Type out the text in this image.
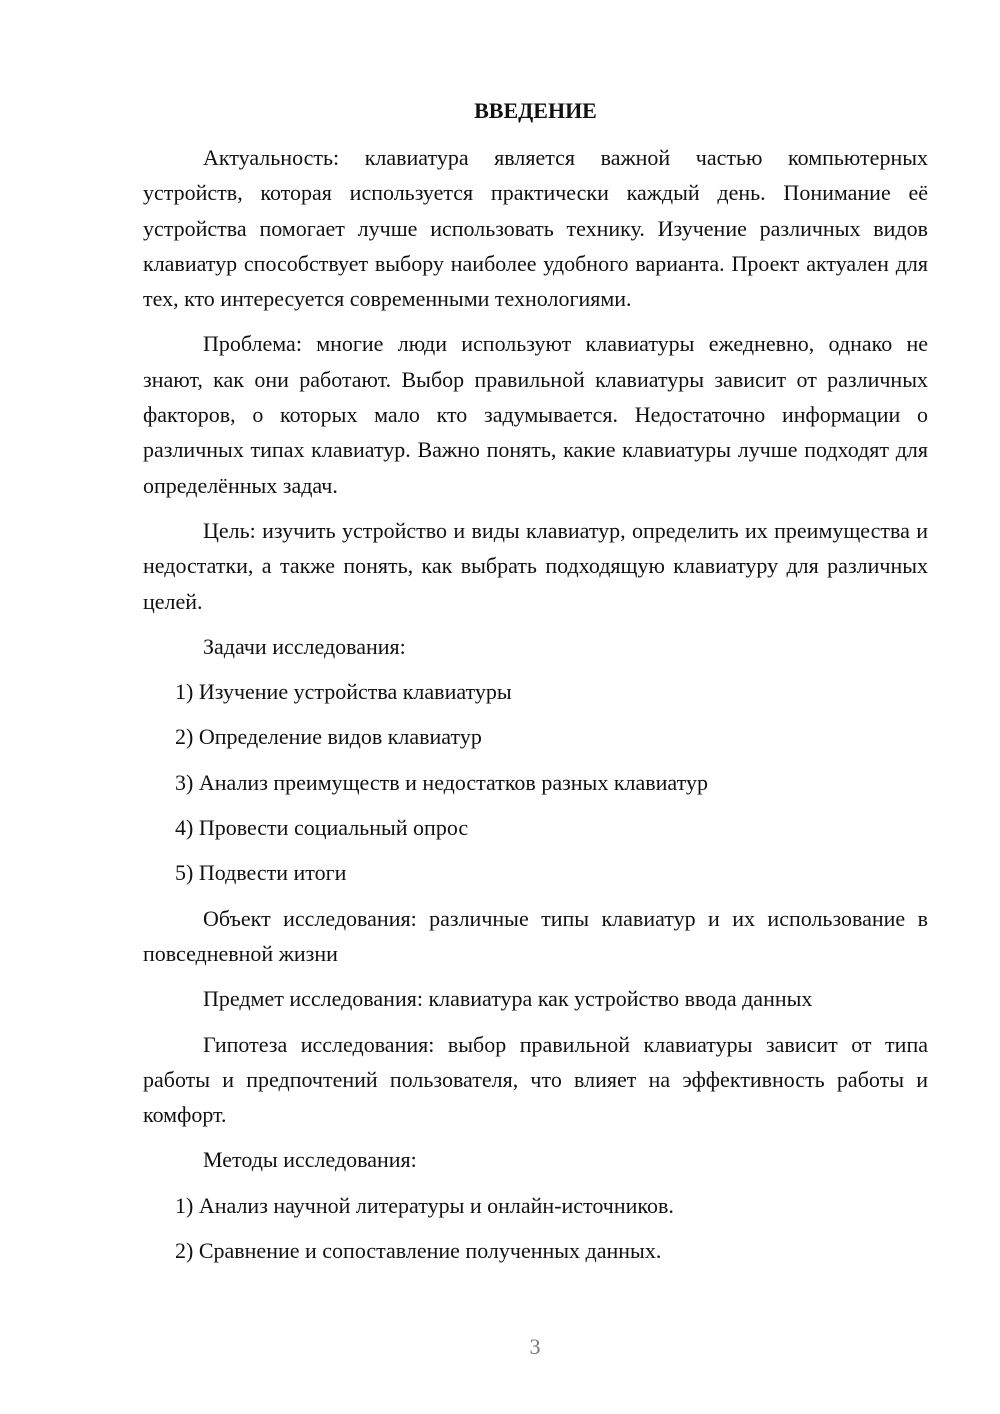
ВВЕДЕНИЕ

Актуальность: клавиатура является важной частью компьютерных устройств, которая используется практически каждый день. Понимание её устройства помогает лучше использовать технику. Изучение различных видов клавиатур способствует выбору наиболее удобного варианта. Проект актуален для тех, кто интересуется современными технологиями.

Проблема: многие люди используют клавиатуры ежедневно, однако не знают, как они работают. Выбор правильной клавиатуры зависит от различных факторов, о которых мало кто задумывается. Недостаточно информации о различных типах клавиатур. Важно понять, какие клавиатуры лучше подходят для определённых задач.

Цель: изучить устройство и виды клавиатур, определить их преимущества и недостатки, а также понять, как выбрать подходящую клавиатуру для различных целей.

Задачи исследования:

1) Изучение устройства клавиатуры
2) Определение видов клавиатур
3) Анализ преимуществ и недостатков разных клавиатур
4) Провести социальный опрос
5) Подвести итоги

Объект исследования: различные типы клавиатур и их использование в повседневной жизни

Предмет исследования: клавиатура как устройство ввода данных

Гипотеза исследования: выбор правильной клавиатуры зависит от типа работы и предпочтений пользователя, что влияет на эффективность работы и комфорт.

Методы исследования:

1) Анализ научной литературы и онлайн-источников.
2) Сравнение и сопоставление полученных данных.
3
